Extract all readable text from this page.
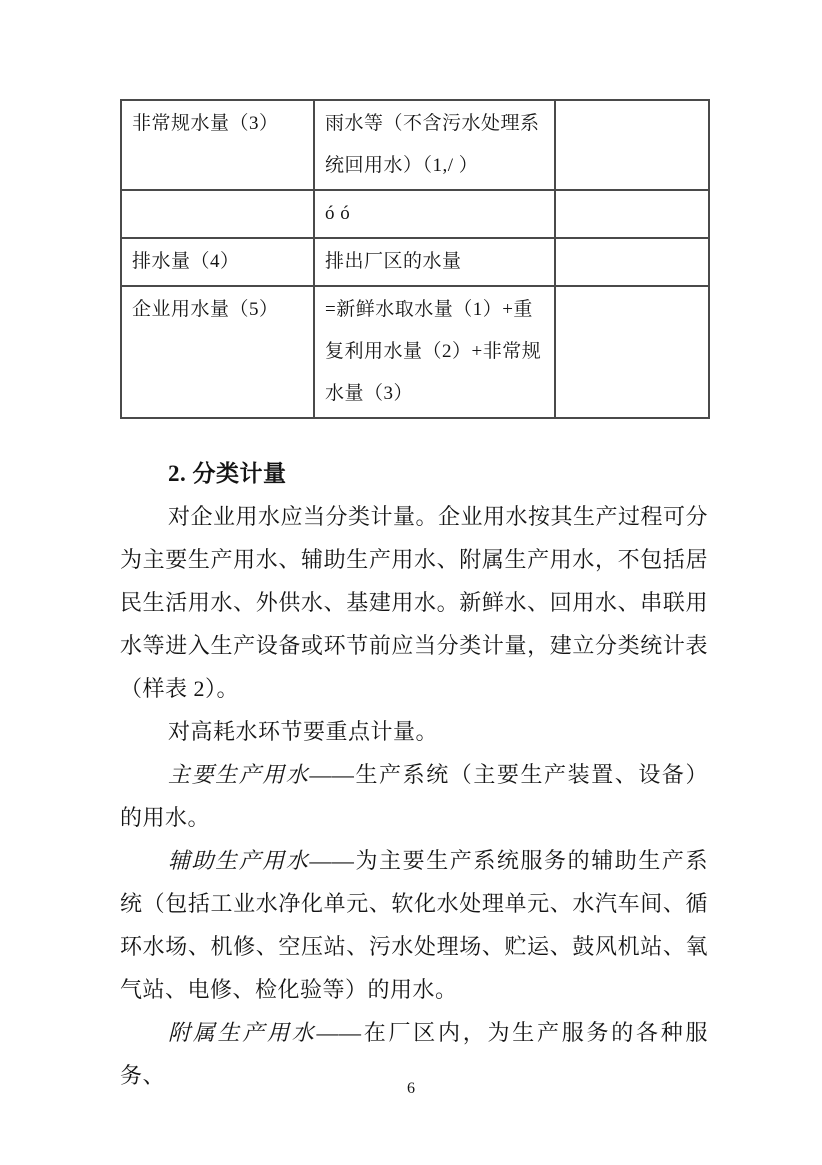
非常规水量（3）	雨水等（不含污水处理系统回用水）（1,/ ）	
	ó ó	
排水量（4）	排出厂区的水量	
企业用水量（5）	=新鲜水取水量（1）+重复利用水量（2）+非常规水量（3）	
2. 分类计量

对企业用水应当分类计量。企业用水按其生产过程可分为主要生产用水、辅助生产用水、附属生产用水，不包括居民生活用水、外供水、基建用水。新鲜水、回用水、串联用水等进入生产设备或环节前应当分类计量，建立分类统计表（样表 2）。

对高耗水环节要重点计量。

主要生产用水——生产系统（主要生产装置、设备）的用水。

辅助生产用水——为主要生产系统服务的辅助生产系统（包括工业水净化单元、软化水处理单元、水汽车间、循环水场、机修、空压站、污水处理场、贮运、鼓风机站、氧气站、电修、检化验等）的用水。

附属生产用水——在厂区内，为生产服务的各种服务、

6
